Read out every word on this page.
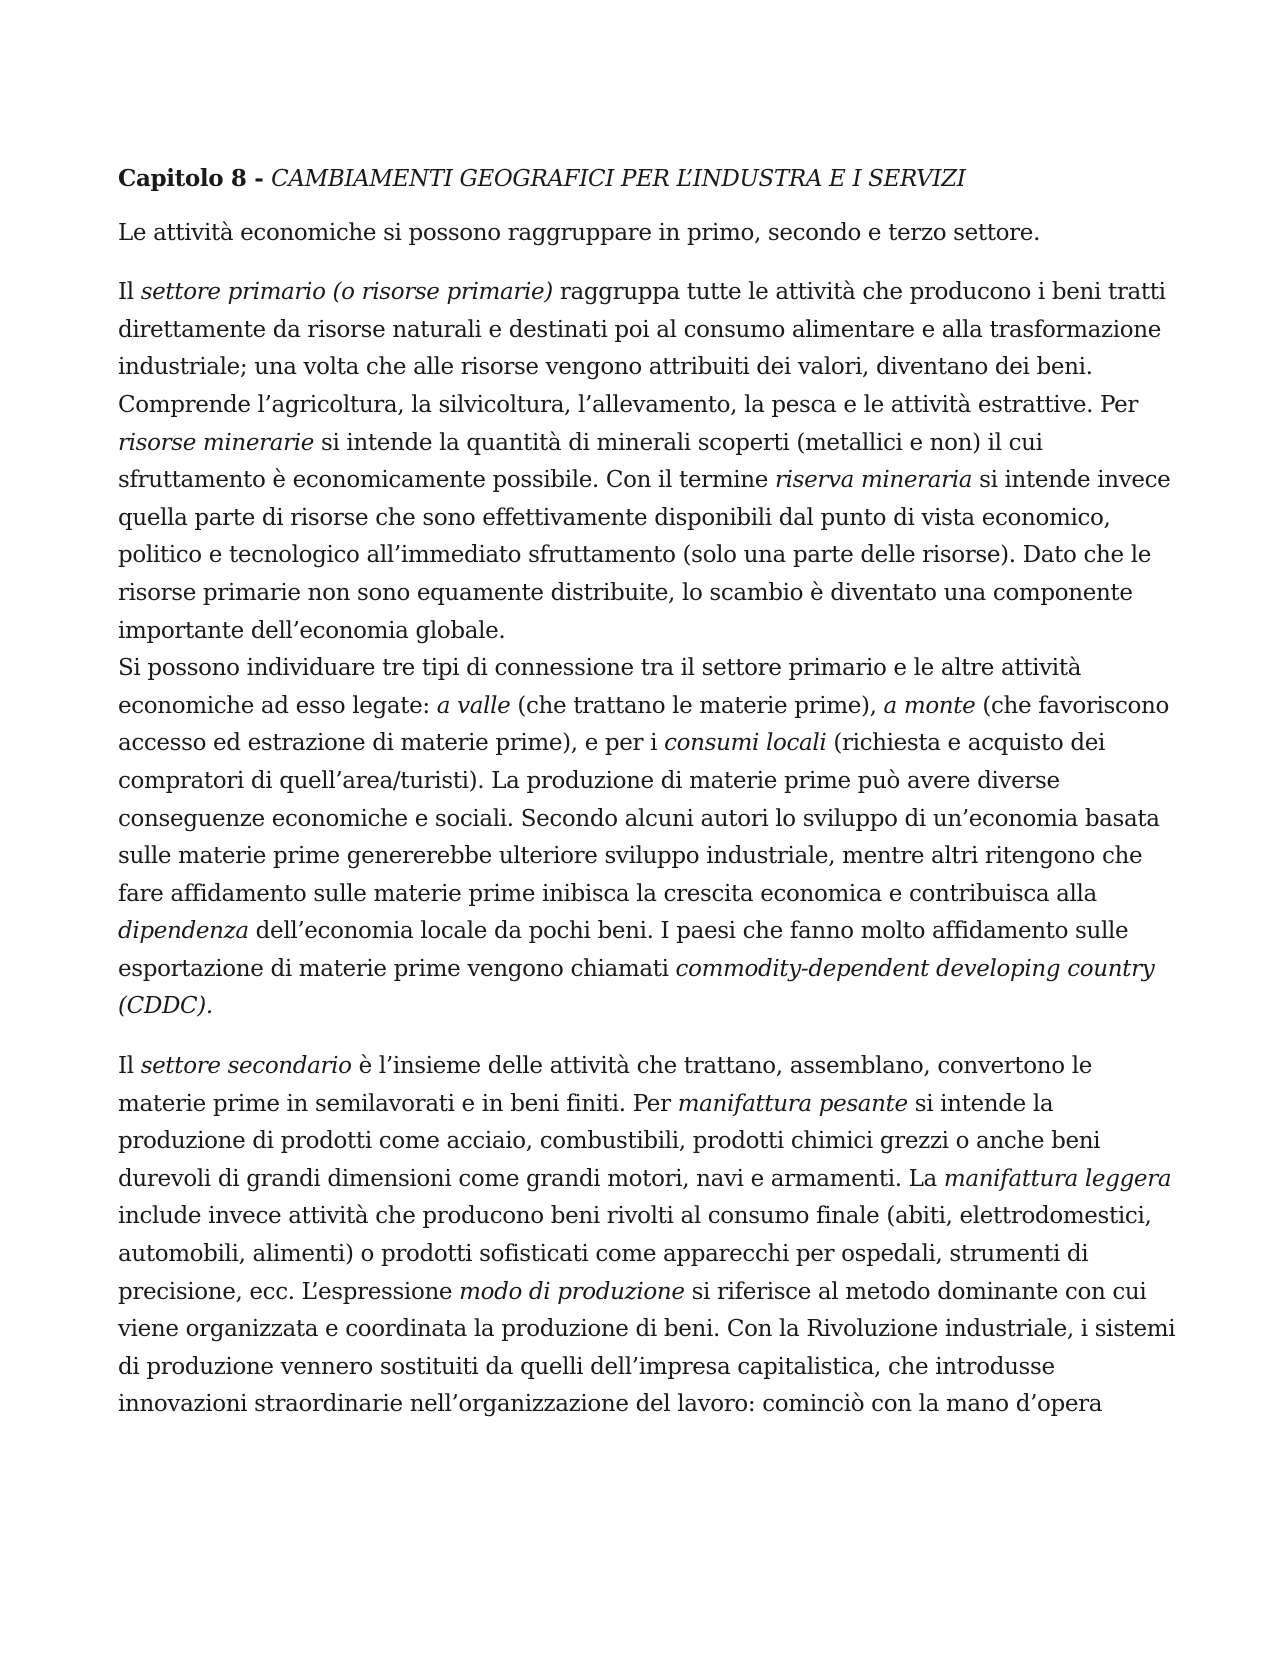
Capitolo 8 - CAMBIAMENTI GEOGRAFICI PER L’INDUSTRA E I SERVIZI

Le attività economiche si possono raggruppare in primo, secondo e terzo settore.

Il settore primario (o risorse primarie) raggruppa tutte le attività che producono i beni tratti direttamente da risorse naturali e destinati poi al consumo alimentare e alla trasformazione industriale; una volta che alle risorse vengono attribuiti dei valori, diventano dei beni. Comprende l’agricoltura, la silvicoltura, l’allevamento, la pesca e le attività estrattive. Per risorse minerarie si intende la quantità di minerali scoperti (metallici e non) il cui sfruttamento è economicamente possibile. Con il termine riserva mineraria si intende invece quella parte di risorse che sono effettivamente disponibili dal punto di vista economico, politico e tecnologico all’immediato sfruttamento (solo una parte delle risorse). Dato che le risorse primarie non sono equamente distribuite, lo scambio è diventato una componente importante dell’economia globale.

Si possono individuare tre tipi di connessione tra il settore primario e le altre attività economiche ad esso legate: a valle (che trattano le materie prime), a monte (che favoriscono accesso ed estrazione di materie prime), e per i consumi locali (richiesta e acquisto dei compratori di quell’area/turisti). La produzione di materie prime può avere diverse conseguenze economiche e sociali. Secondo alcuni autori lo sviluppo di un’economia basata sulle materie prime genererebbe ulteriore sviluppo industriale, mentre altri ritengono che fare affidamento sulle materie prime inibisca la crescita economica e contribuisca alla dipendenza dell’economia locale da pochi beni. I paesi che fanno molto affidamento sulle esportazione di materie prime vengono chiamati commodity-dependent developing country (CDDC).

Il settore secondario è l’insieme delle attività che trattano, assemblano, convertono le materie prime in semilavorati e in beni finiti. Per manifattura pesante si intende la produzione di prodotti come acciaio, combustibili, prodotti chimici grezzi o anche beni durevoli di grandi dimensioni come grandi motori, navi e armamenti. La manifattura leggera include invece attività che producono beni rivolti al consumo finale (abiti, elettrodomestici, automobili, alimenti) o prodotti sofisticati come apparecchi per ospedali, strumenti di precisione, ecc. L’espressione modo di produzione si riferisce al metodo dominante con cui viene organizzata e coordinata la produzione di beni. Con la Rivoluzione industriale, i sistemi di produzione vennero sostituiti da quelli dell’impresa capitalistica, che introdusse innovazioni straordinarie nell’organizzazione del lavoro: cominciò con la mano d’opera
